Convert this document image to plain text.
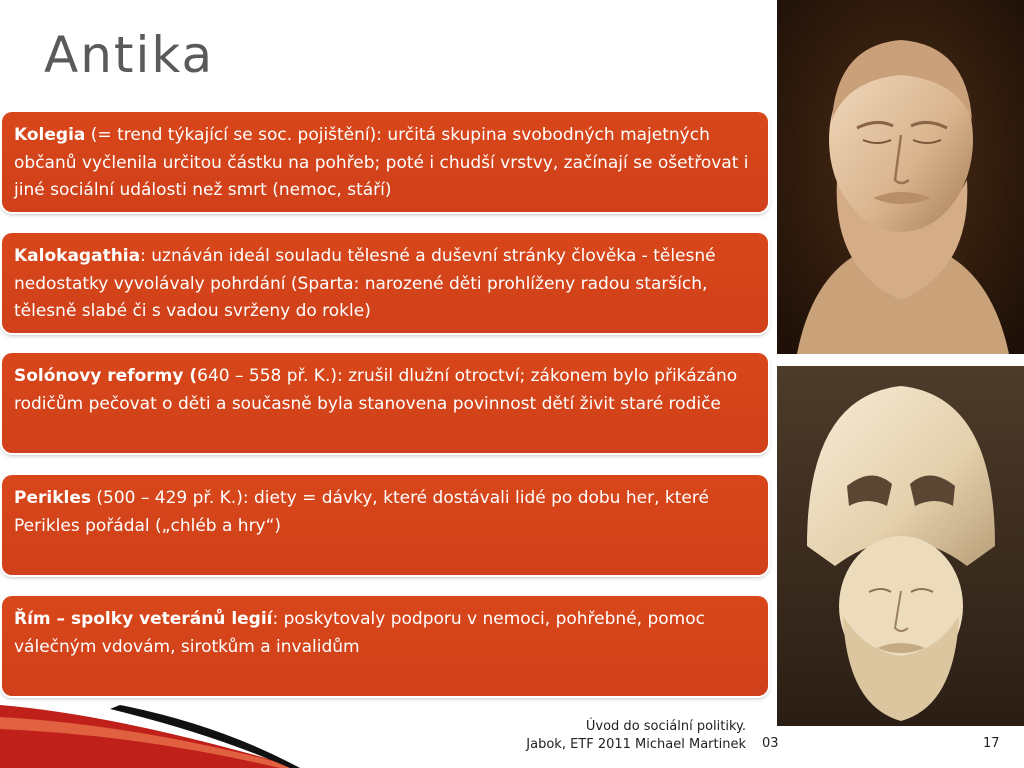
Antika
Kolegia (= trend týkající se soc. pojištění): určitá skupina svobodných majetných občanů vyčlenila určitou částku na pohřeb; poté i chudší vrstvy, začínají se ošetřovat i jiné sociální události než smrt (nemoc, stáří)
Kalokagathia: uznáván ideál souladu tělesné a duševní stránky člověka - tělesné nedostatky vyvolávaly pohrdání (Sparta: narozené děti prohlíženy radou starších, tělesně slabé či s vadou svrženy do rokle)
Solónovy reformy (640 – 558 př. K.): zrušil dlužní otroctví; zákonem bylo přikázáno rodičům pečovat o děti a současně byla stanovena povinnost dětí živit staré rodiče
Perikles (500 – 429 př. K.): diety = dávky, které dostávali lidé po dobu her, které Perikles pořádal („chléb a hry“)
Řím – spolky veteránů legií: poskytovaly podporu v nemoci, pohřebné, pomoc válečným vdovám, sirotkům a invalidům
Úvod do sociální politiky.
Jabok, ETF 2011 Michael Martinek 03	17
